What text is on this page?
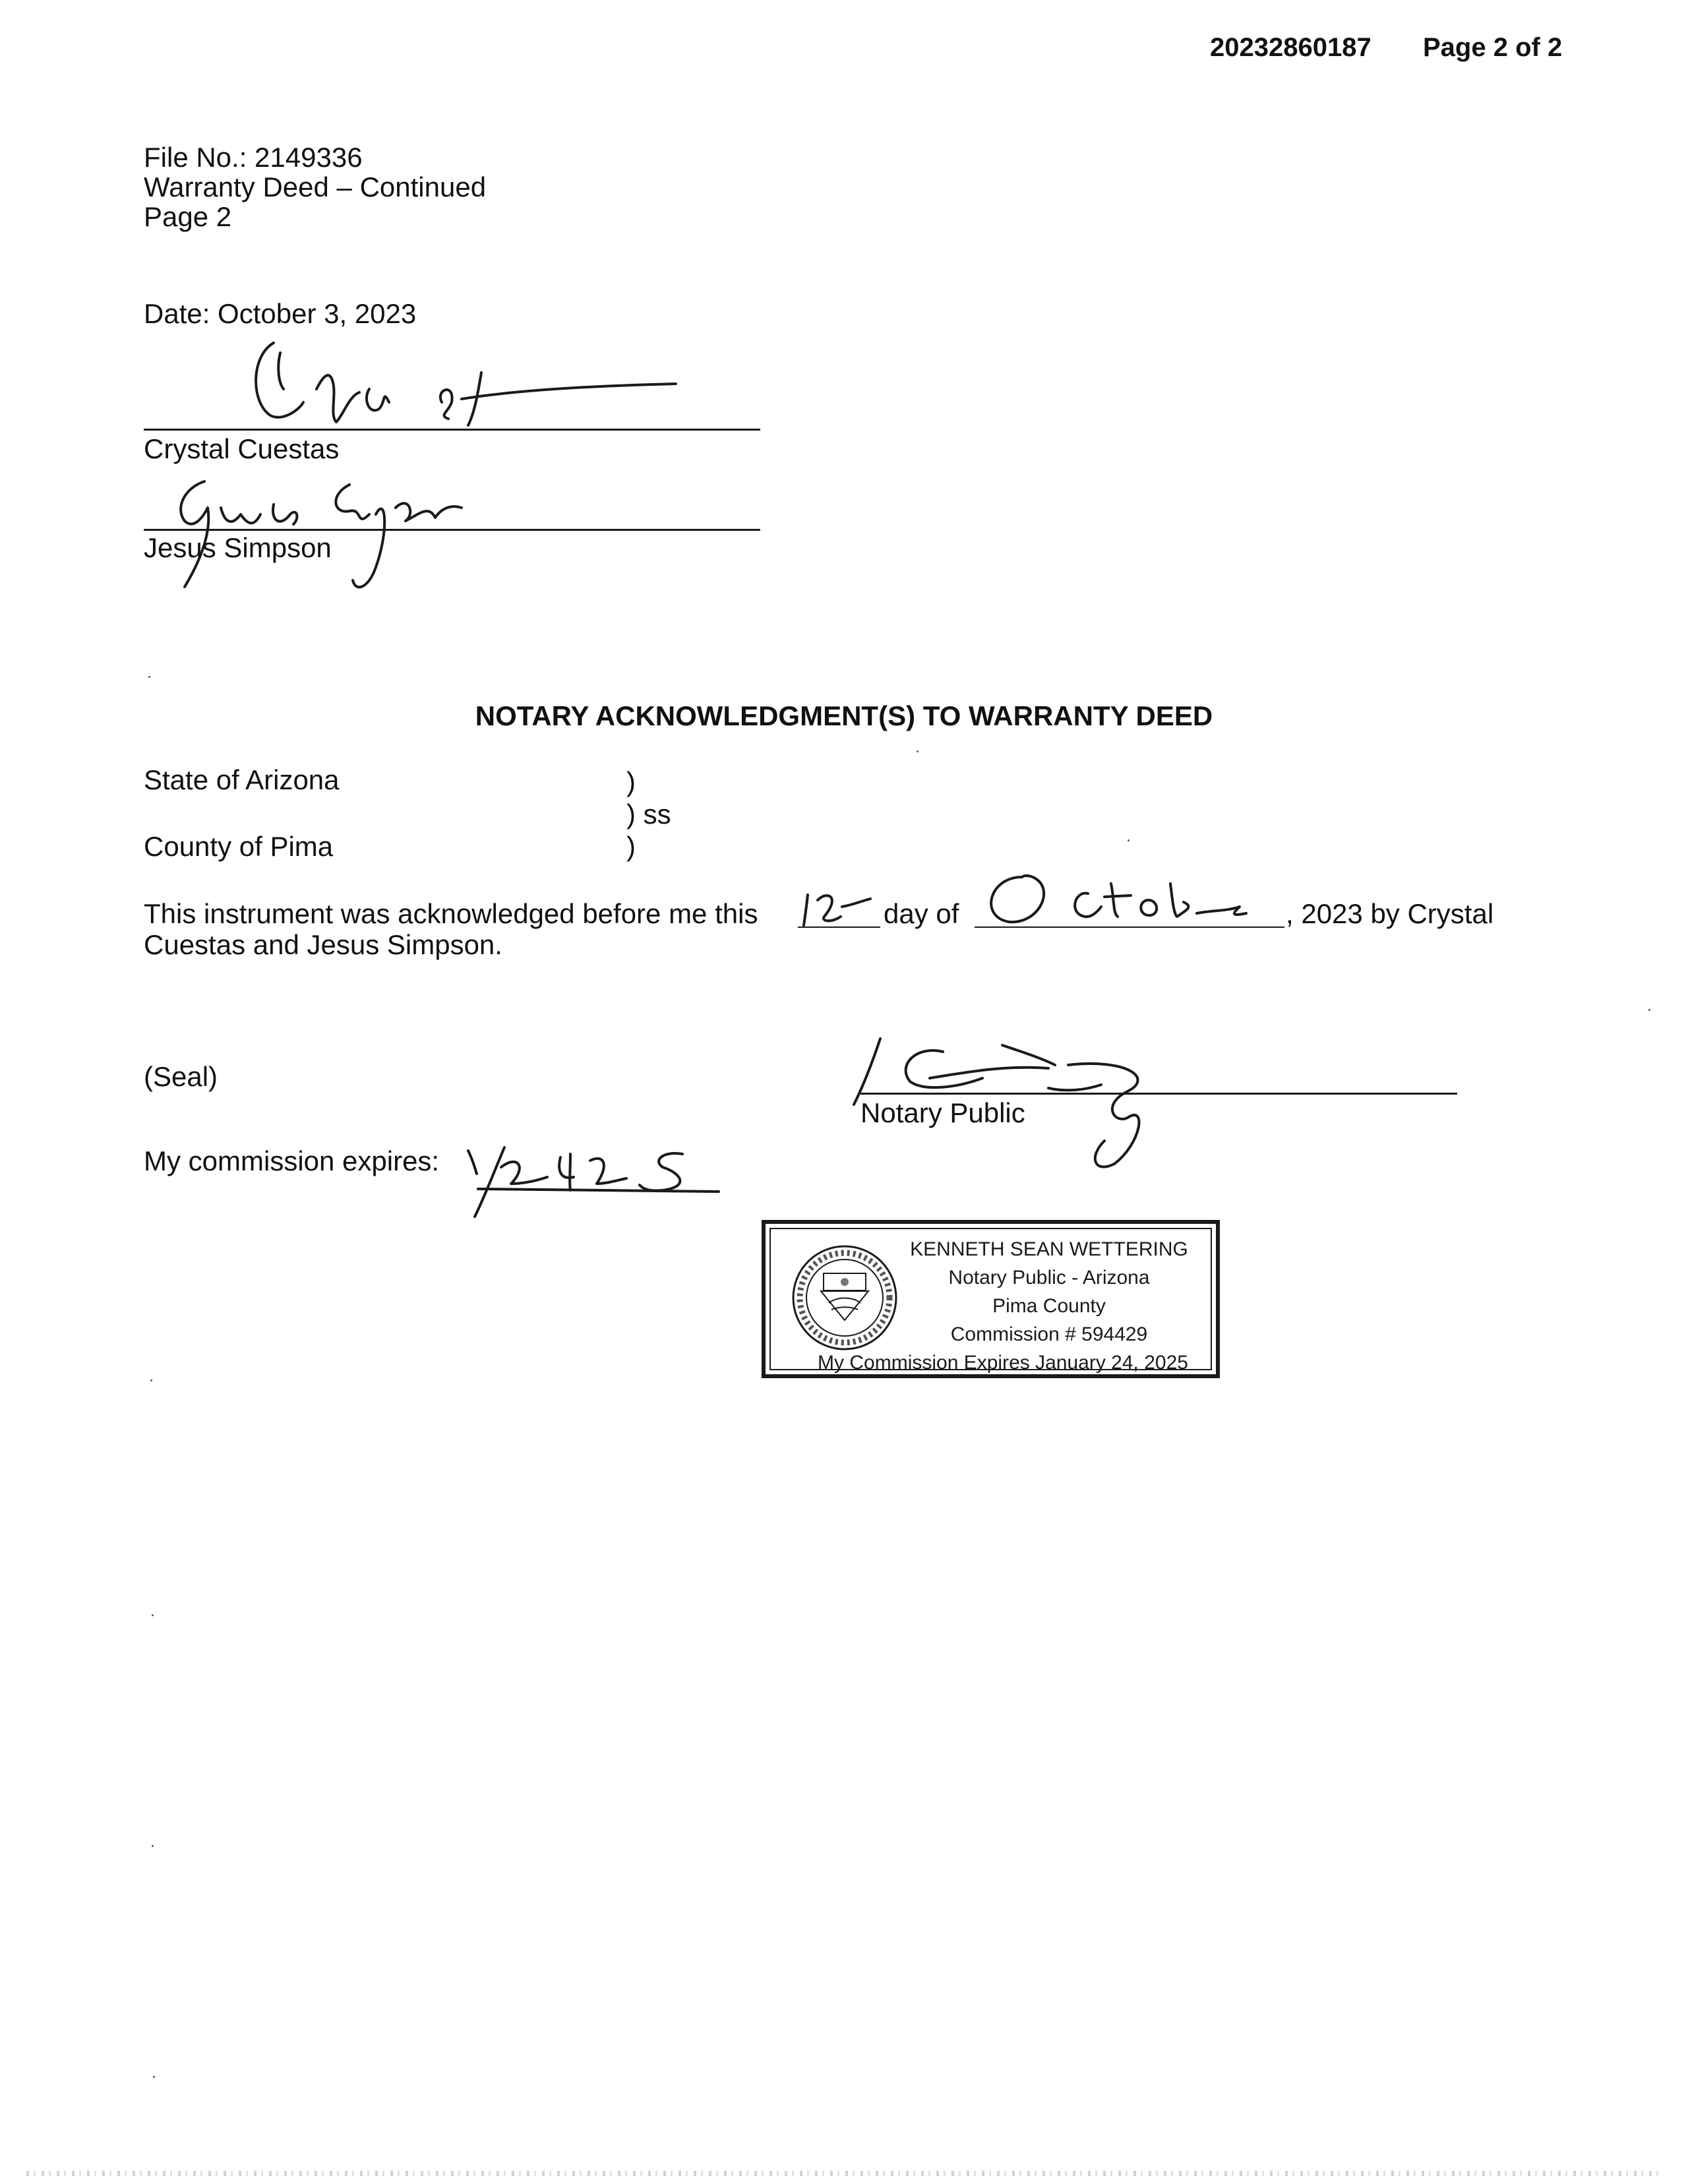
20232860187 Page 2 of 2
File No.: 2149336
Warranty Deed – Continued
Page 2
Date: October 3, 2023
Crystal Cuestas
Jesus Simpson
NOTARY ACKNOWLEDGMENT(S) TO WARRANTY DEED
State of Arizona
County of Pima
)
) ss
)
This instrument was acknowledged before me this	day of	, 2023 by Crystal
Cuestas and Jesus Simpson.
(Seal)
Notary Public
My commission expires:
KENNETH SEAN WETTERING
Notary Public - Arizona
Pima County
Commission # 594429
My Commission Expires January 24, 2025
